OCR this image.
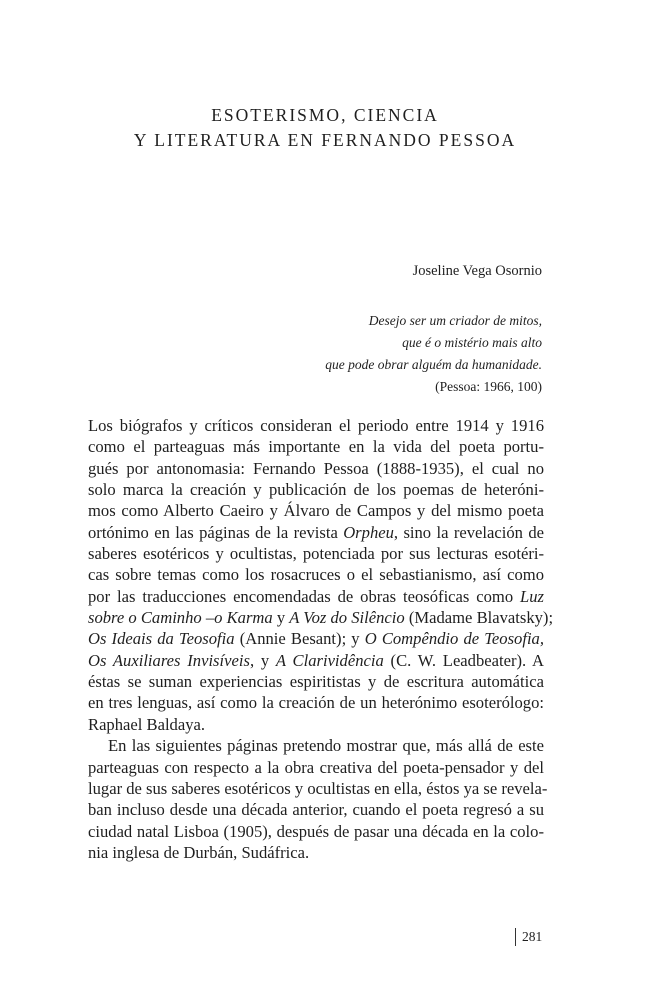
ESOTERISMO, CIENCIA
Y LITERATURA EN FERNANDO PESSOA
Joseline Vega Osornio
Desejo ser um criador de mitos,
que é o mistério mais alto
que pode obrar alguém da humanidade.
(Pessoa: 1966, 100)
Los biógrafos y críticos consideran el periodo entre 1914 y 1916
como el parteaguas más importante en la vida del poeta portu-
gués por antonomasia: Fernando Pessoa (1888-1935), el cual no
solo marca la creación y publicación de los poemas de heteróni-
mos como Alberto Caeiro y Álvaro de Campos y del mismo poeta
ortónimo en las páginas de la revista Orpheu, sino la revelación de
saberes esotéricos y ocultistas, potenciada por sus lecturas esotéri-
cas sobre temas como los rosacruces o el sebastianismo, así como
por las traducciones encomendadas de obras teosóficas como Luz
sobre o Caminho –o Karma y A Voz do Silêncio (Madame Blavatsky);
Os Ideais da Teosofia (Annie Besant); y O Compêndio de Teosofia,
Os Auxiliares Invisíveis, y A Clarividência (C. W. Leadbeater). A
éstas se suman experiencias espiritistas y de escritura automática
en tres lenguas, así como la creación de un heterónimo esoterólogo:
Raphael Baldaya.
En las siguientes páginas pretendo mostrar que, más allá de este
parteaguas con respecto a la obra creativa del poeta-pensador y del
lugar de sus saberes esotéricos y ocultistas en ella, éstos ya se revela-
ban incluso desde una década anterior, cuando el poeta regresó a su
ciudad natal Lisboa (1905), después de pasar una década en la colo-
nia inglesa de Durbán, Sudáfrica.
281
